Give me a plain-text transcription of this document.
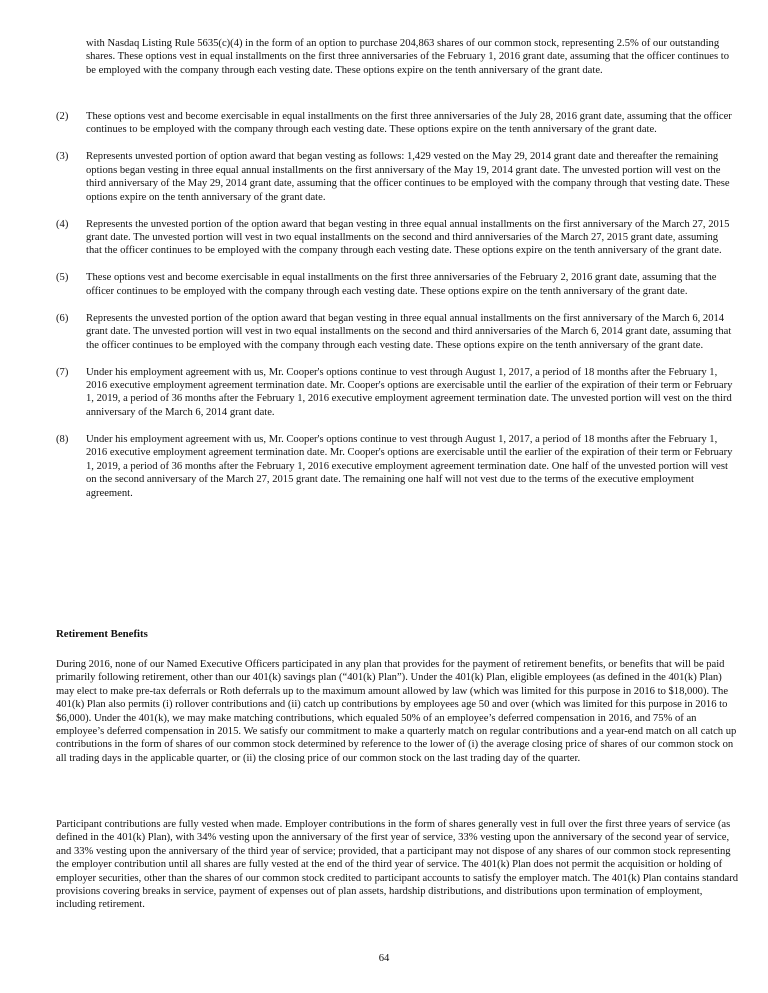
with Nasdaq Listing Rule 5635(c)(4) in the form of an option to purchase 204,863 shares of our common stock, representing 2.5% of our outstanding shares. These options vest in equal installments on the first three anniversaries of the February 1, 2016 grant date, assuming that the officer continues to be employed with the company through each vesting date. These options expire on the tenth anniversary of the grant date.
(2)	These options vest and become exercisable in equal installments on the first three anniversaries of the July 28, 2016 grant date, assuming that the officer continues to be employed with the company through each vesting date. These options expire on the tenth anniversary of the grant date.
(3)	Represents unvested portion of option award that began vesting as follows: 1,429 vested on the May 29, 2014 grant date and thereafter the remaining options began vesting in three equal annual installments on the first anniversary of the May 19, 2014 grant date. The unvested portion will vest on the third anniversary of the May 29, 2014 grant date, assuming that the officer continues to be employed with the company through that vesting date. These options expire on the tenth anniversary of the grant date.
(4)	Represents the unvested portion of the option award that began vesting in three equal annual installments on the first anniversary of the March 27, 2015 grant date. The unvested portion will vest in two equal installments on the second and third anniversaries of the March 27, 2015 grant date, assuming that the officer continues to be employed with the company through each vesting date. These options expire on the tenth anniversary of the grant date.
(5)	These options vest and become exercisable in equal installments on the first three anniversaries of the February 2, 2016 grant date, assuming that the officer continues to be employed with the company through each vesting date. These options expire on the tenth anniversary of the grant date.
(6)	Represents the unvested portion of the option award that began vesting in three equal annual installments on the first anniversary of the March 6, 2014 grant date. The unvested portion will vest in two equal installments on the second and third anniversaries of the March 6, 2014 grant date, assuming that the officer continues to be employed with the company through each vesting date. These options expire on the tenth anniversary of the grant date.
(7)	Under his employment agreement with us, Mr. Cooper's options continue to vest through August 1, 2017, a period of 18 months after the February 1, 2016 executive employment agreement termination date. Mr. Cooper's options are exercisable until the earlier of the expiration of their term or February 1, 2019, a period of 36 months after the February 1, 2016 executive employment agreement termination date. The unvested portion will vest on the third anniversary of the March 6, 2014 grant date.
(8)	Under his employment agreement with us, Mr. Cooper's options continue to vest through August 1, 2017, a period of 18 months after the February 1, 2016 executive employment agreement termination date. Mr. Cooper's options are exercisable until the earlier of the expiration of their term or February 1, 2019, a period of 36 months after the February 1, 2016 executive employment agreement termination date. One half of the unvested portion will vest on the second anniversary of the March 27, 2015 grant date. The remaining one half will not vest due to the terms of the executive employment agreement.
Retirement Benefits
During 2016, none of our Named Executive Officers participated in any plan that provides for the payment of retirement benefits, or benefits that will be paid primarily following retirement, other than our 401(k) savings plan (“401(k) Plan”). Under the 401(k) Plan, eligible employees (as defined in the 401(k) Plan) may elect to make pre-tax deferrals or Roth deferrals up to the maximum amount allowed by law (which was limited for this purpose in 2016 to $18,000). The 401(k) Plan also permits (i) rollover contributions and (ii) catch up contributions by employees age 50 and over (which was limited for this purpose in 2016 to $6,000). Under the 401(k), we may make matching contributions, which equaled 50% of an employee’s deferred compensation in 2016, and 75% of an employee’s deferred compensation in 2015. We satisfy our commitment to make a quarterly match on regular contributions and a year-end match on all catch up contributions in the form of shares of our common stock determined by reference to the lower of (i) the average closing price of shares of our common stock on all trading days in the applicable quarter, or (ii) the closing price of our common stock on the last trading day of the quarter.
Participant contributions are fully vested when made. Employer contributions in the form of shares generally vest in full over the first three years of service (as defined in the 401(k) Plan), with 34% vesting upon the anniversary of the first year of service, 33% vesting upon the anniversary of the second year of service, and 33% vesting upon the anniversary of the third year of service; provided, that a participant may not dispose of any shares of our common stock representing the employer contribution until all shares are fully vested at the end of the third year of service. The 401(k) Plan does not permit the acquisition or holding of employer securities, other than the shares of our common stock credited to participant accounts to satisfy the employer match. The 401(k) Plan contains standard provisions covering breaks in service, payment of expenses out of plan assets, hardship distributions, and distributions upon termination of employment, including retirement.
64
